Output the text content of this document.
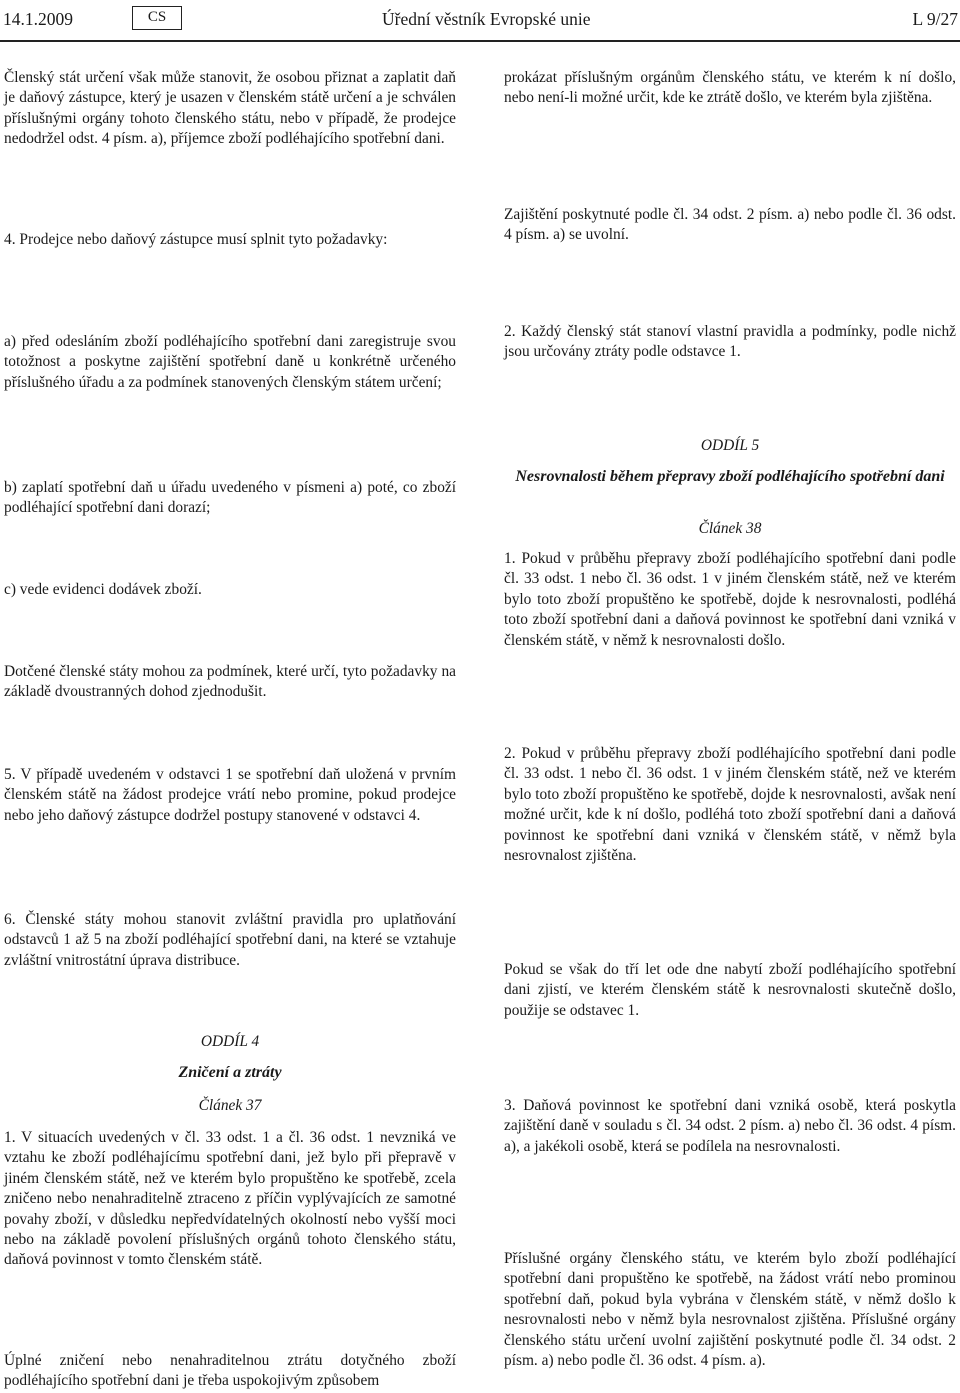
14.1.2009	CS	Úřední věstník Evropské unie	L 9/27

Členský stát určení však může stanovit, že osobou přiznat a zaplatit daň je daňový zástupce, který je usazen v členském státě určení a je schválen příslušnými orgány tohoto členského státu, nebo v případě, že prodejce nedodržel odst. 4 písm. a), příjemce zboží podléhajícího spotřební dani.

4. Prodejce nebo daňový zástupce musí splnit tyto požadavky:

a) před odesláním zboží podléhajícího spotřební dani zaregistruje svou totožnost a poskytne zajištění spotřební daně u konkrétně určeného příslušného úřadu a za podmínek stanovených členským státem určení;

b) zaplatí spotřební daň u úřadu uvedeného v písmeni a) poté, co zboží podléhající spotřební dani dorazí;

c) vede evidenci dodávek zboží.

Dotčené členské státy mohou za podmínek, které určí, tyto požadavky na základě dvoustranných dohod zjednodušit.

5. V případě uvedeném v odstavci 1 se spotřební daň uložená v prvním členském státě na žádost prodejce vrátí nebo promine, pokud prodejce nebo jeho daňový zástupce dodržel postupy stanovené v odstavci 4.

6. Členské státy mohou stanovit zvláštní pravidla pro uplatňování odstavců 1 až 5 na zboží podléhající spotřební dani, na které se vztahuje zvláštní vnitrostátní úprava distribuce.

ODDÍL 4

Zničení a ztráty

Článek 37

1. V situacích uvedených v čl. 33 odst. 1 a čl. 36 odst. 1 nevzniká ve vztahu ke zboží podléhajícímu spotřební dani, jež bylo při přepravě v jiném členském státě, než ve kterém bylo propuštěno ke spotřebě, zcela zničeno nebo nenahraditelně ztraceno z příčin vyplývajících ze samotné povahy zboží, v důsledku nepředvídatelných okolností nebo vyšší moci nebo na základě povolení příslušných orgánů tohoto členského státu, daňová povinnost v tomto členském státě.

Úplné zničení nebo nenahraditelnou ztrátu dotyčného zboží podléhajícího spotřební dani je třeba uspokojivým způsobem

prokázat příslušným orgánům členského státu, ve kterém k ní došlo, nebo není-li možné určit, kde ke ztrátě došlo, ve kterém byla zjištěna.

Zajištění poskytnuté podle čl. 34 odst. 2 písm. a) nebo podle čl. 36 odst. 4 písm. a) se uvolní.

2. Každý členský stát stanoví vlastní pravidla a podmínky, podle nichž jsou určovány ztráty podle odstavce 1.

ODDÍL 5

Nesrovnalosti během přepravy zboží podléhajícího spotřební dani

Článek 38

1. Pokud v průběhu přepravy zboží podléhajícího spotřební dani podle čl. 33 odst. 1 nebo čl. 36 odst. 1 v jiném členském státě, než ve kterém bylo toto zboží propuštěno ke spotřebě, dojde k nesrovnalosti, podléhá toto zboží spotřební dani a daňová povinnost ke spotřební dani vzniká v členském státě, v němž k nesrovnalosti došlo.

2. Pokud v průběhu přepravy zboží podléhajícího spotřební dani podle čl. 33 odst. 1 nebo čl. 36 odst. 1 v jiném členském státě, než ve kterém bylo toto zboží propuštěno ke spotřebě, dojde k nesrovnalosti, avšak není možné určit, kde k ní došlo, podléhá toto zboží spotřební dani a daňová povinnost ke spotřební dani vzniká v členském státě, v němž byla nesrovnalost zjištěna.

Pokud se však do tří let ode dne nabytí zboží podléhajícího spotřební dani zjistí, ve kterém členském státě k nesrovnalosti skutečně došlo, použije se odstavec 1.

3. Daňová povinnost ke spotřební dani vzniká osobě, která poskytla zajištění daně v souladu s čl. 34 odst. 2 písm. a) nebo čl. 36 odst. 4 písm. a), a jakékoli osobě, která se podílela na nesrovnalosti.

Příslušné orgány členského státu, ve kterém bylo zboží podléhající spotřební dani propuštěno ke spotřebě, na žádost vrátí nebo prominou spotřební daň, pokud byla vybrána v členském státě, v němž došlo k nesrovnalosti nebo v němž byla nesrovnalost zjištěna. Příslušné orgány členského státu určení uvolní zajištění poskytnuté podle čl. 34 odst. 2 písm. a) nebo podle čl. 36 odst. 4 písm. a).
